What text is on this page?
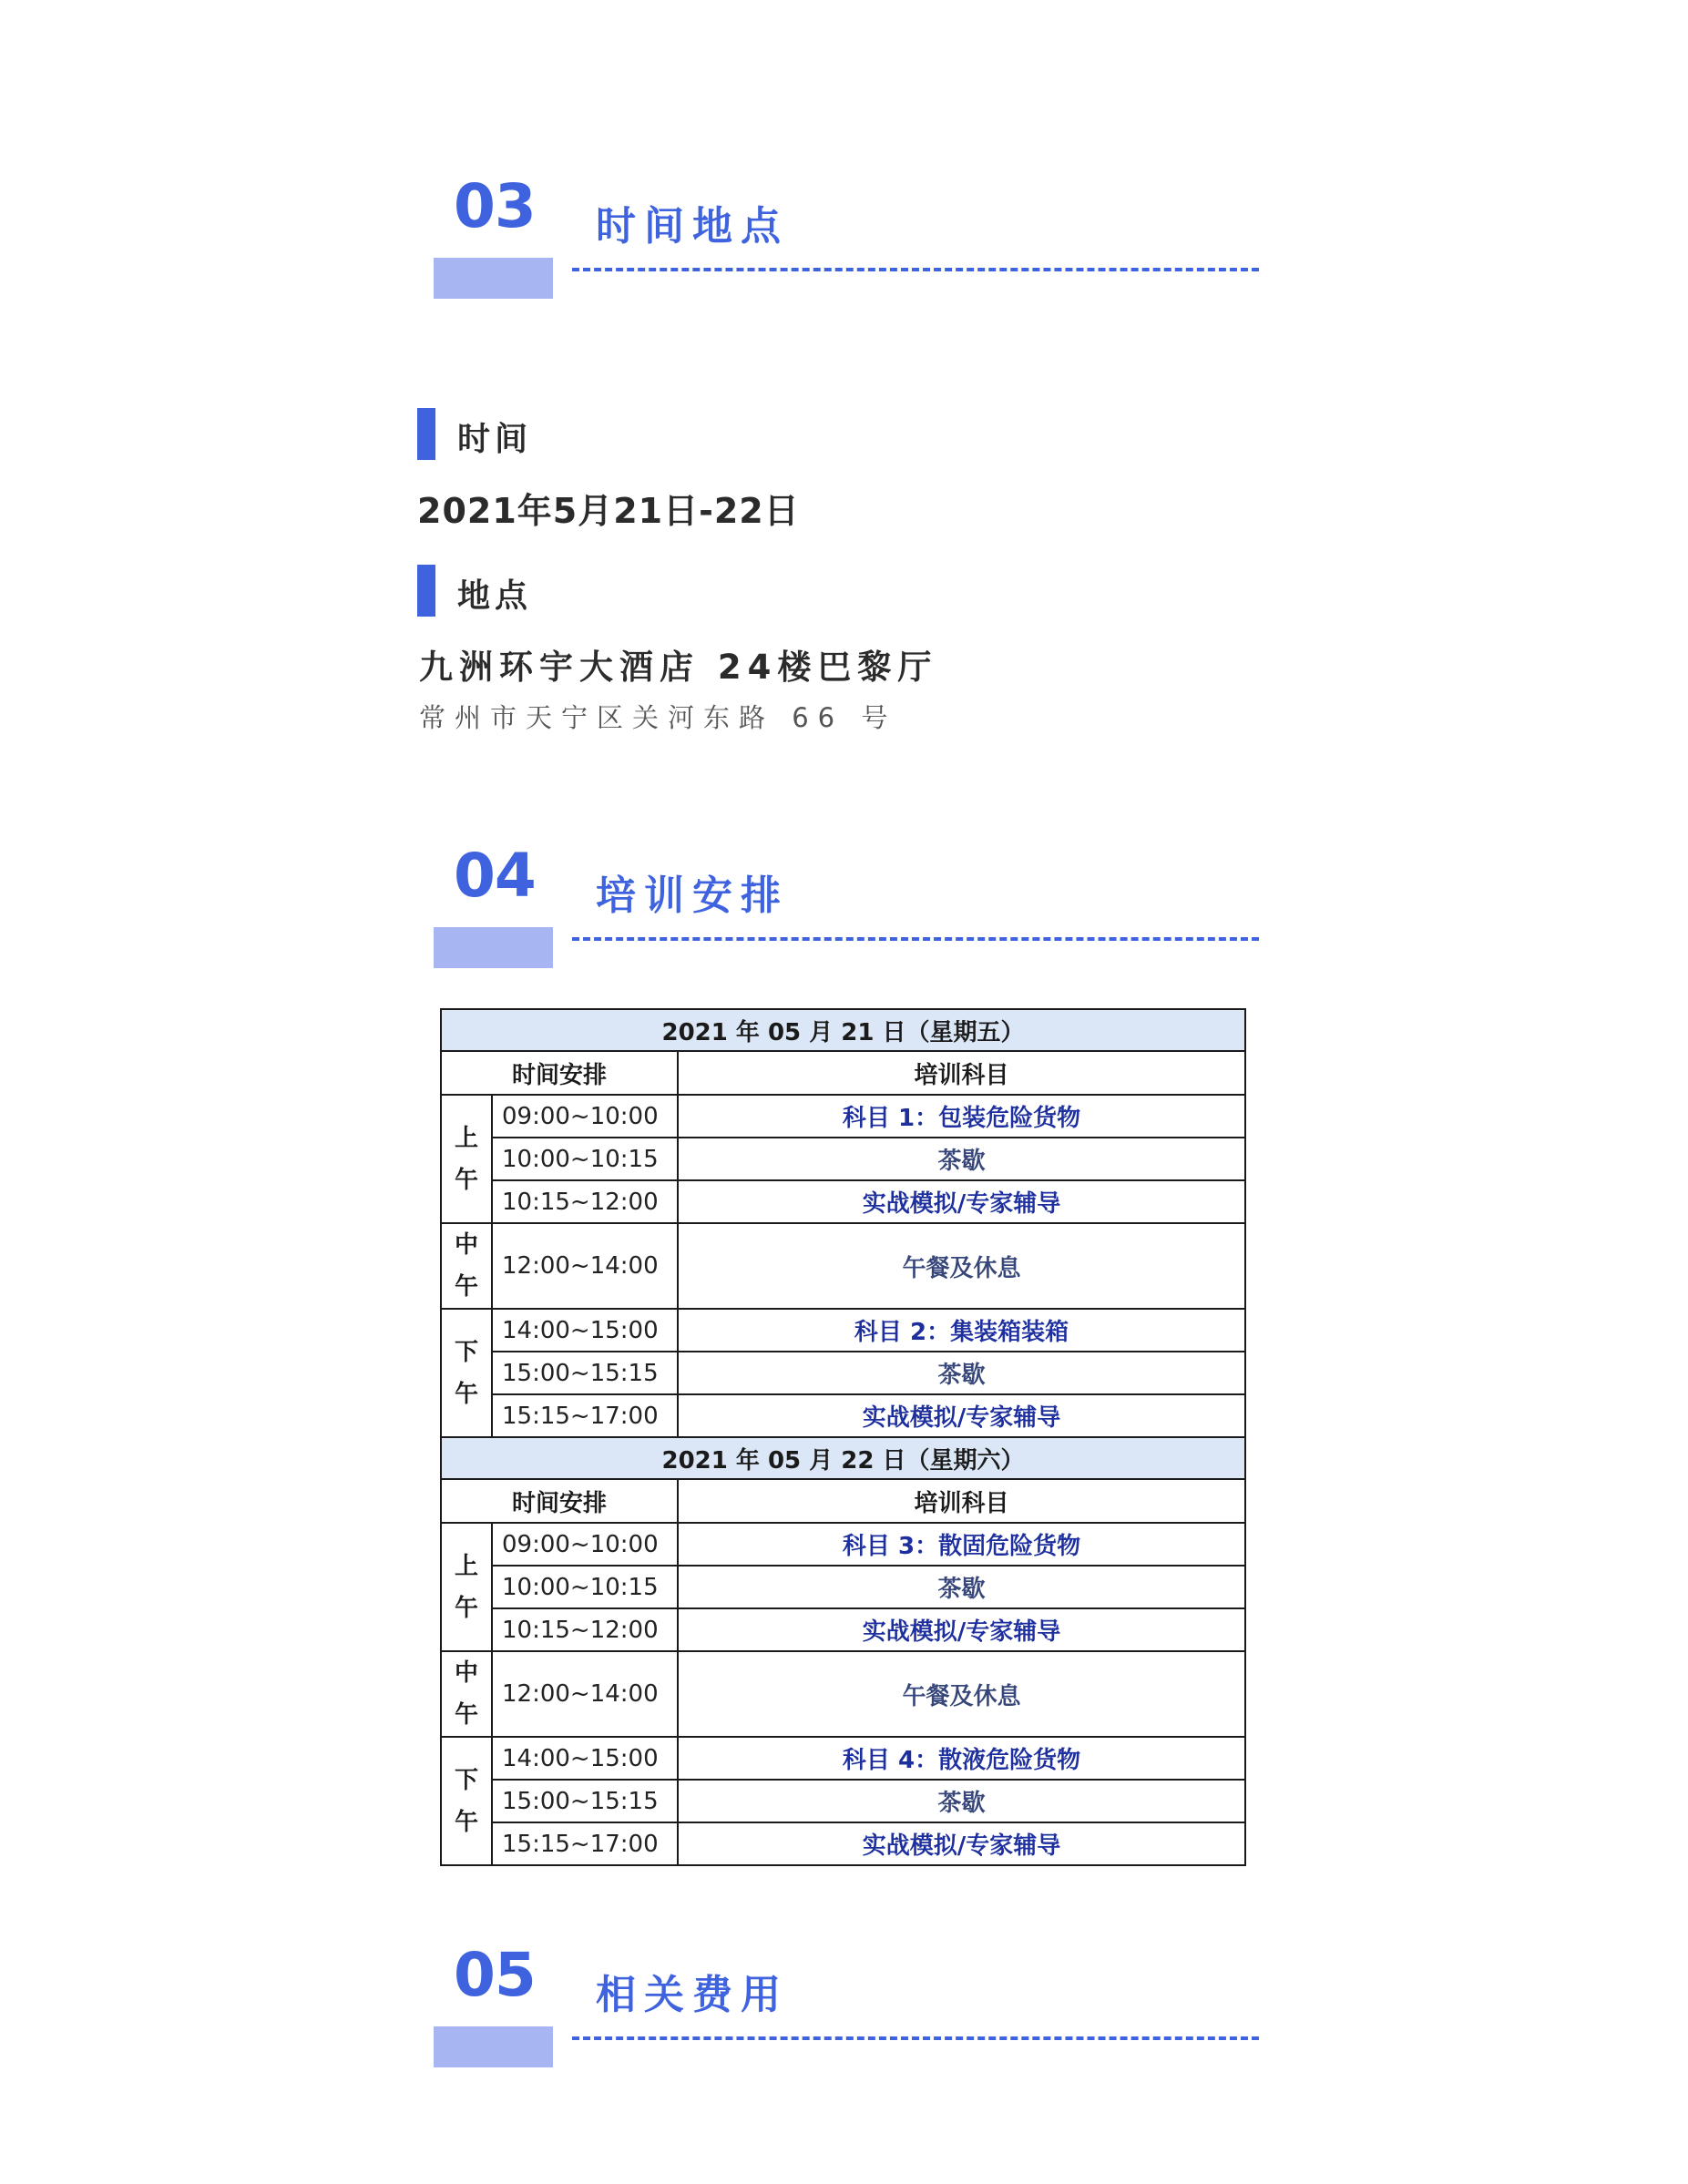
03 时间地点
时间
2021年5月21日-22日
地点
九洲环宇大酒店 24楼巴黎厅
常州市天宁区关河东路 66 号
04 培训安排
2021 年 05 月 21 日（星期五）		
时间安排		培训科目

上午	09:00~10:00	科目 1：包装危险货物
	10:00~10:15	茶歇
	10:15~12:00	实战模拟/专家辅导

中午	12:00~14:00	午餐及休息

下午	14:00~15:00	科目 2：集装箱装箱
	15:00~15:15	茶歇
	15:15~17:00	实战模拟/专家辅导
2021 年 05 月 22 日（星期六）		
时间安排		培训科目

上午	09:00~10:00	科目 3：散固危险货物
	10:00~10:15	茶歇
	10:15~12:00	实战模拟/专家辅导

中午	12:00~14:00	午餐及休息

下午	14:00~15:00	科目 4：散液危险货物
	15:00~15:15	茶歇
	15:15~17:00	实战模拟/专家辅导
05 相关费用
